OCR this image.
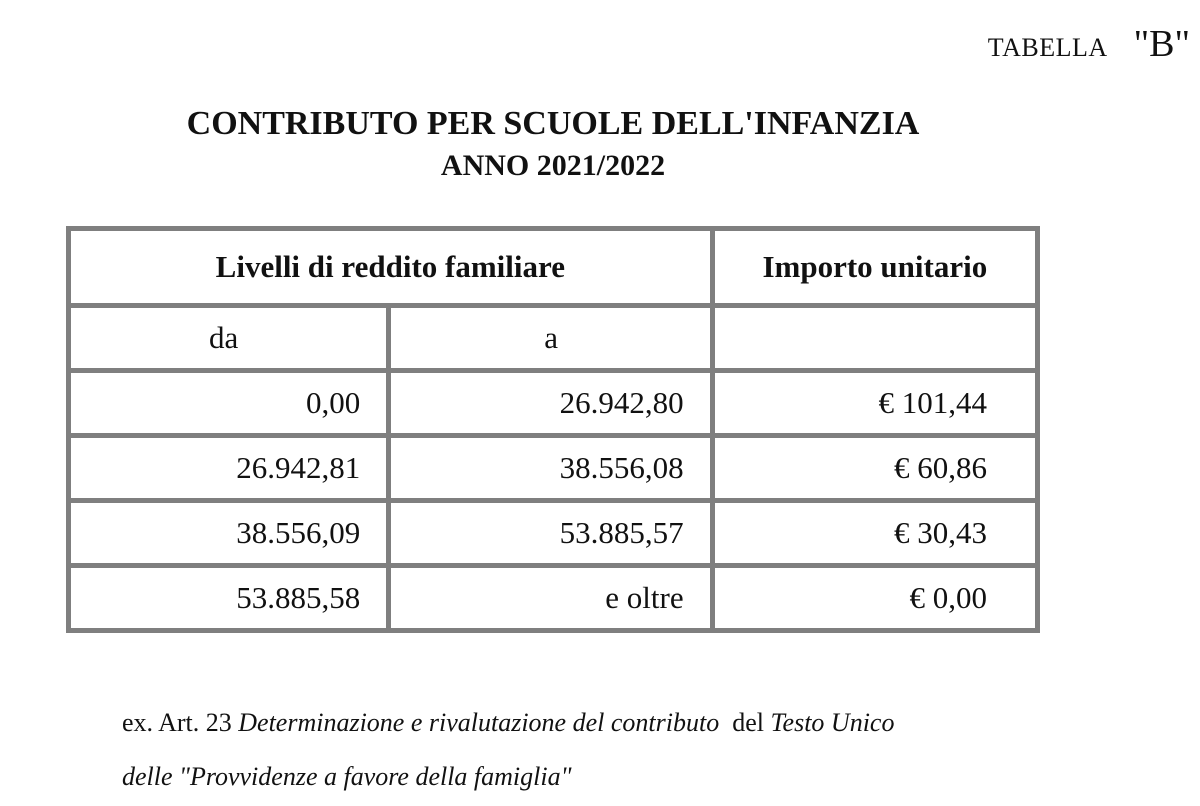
TABELLA "B"
CONTRIBUTO PER SCUOLE DELL'INFANZIA
ANNO 2021/2022
Livelli di reddito familiare		Importo unitario
da	a	
0,00	26.942,80	€ 101,44
26.942,81	38.556,08	€ 60,86
38.556,09	53.885,57	€ 30,43
53.885,58	e oltre	€ 0,00
ex. Art. 23 Determinazione e rivalutazione del contributo  del Testo Unico
delle "Provvidenze a favore della famiglia"
